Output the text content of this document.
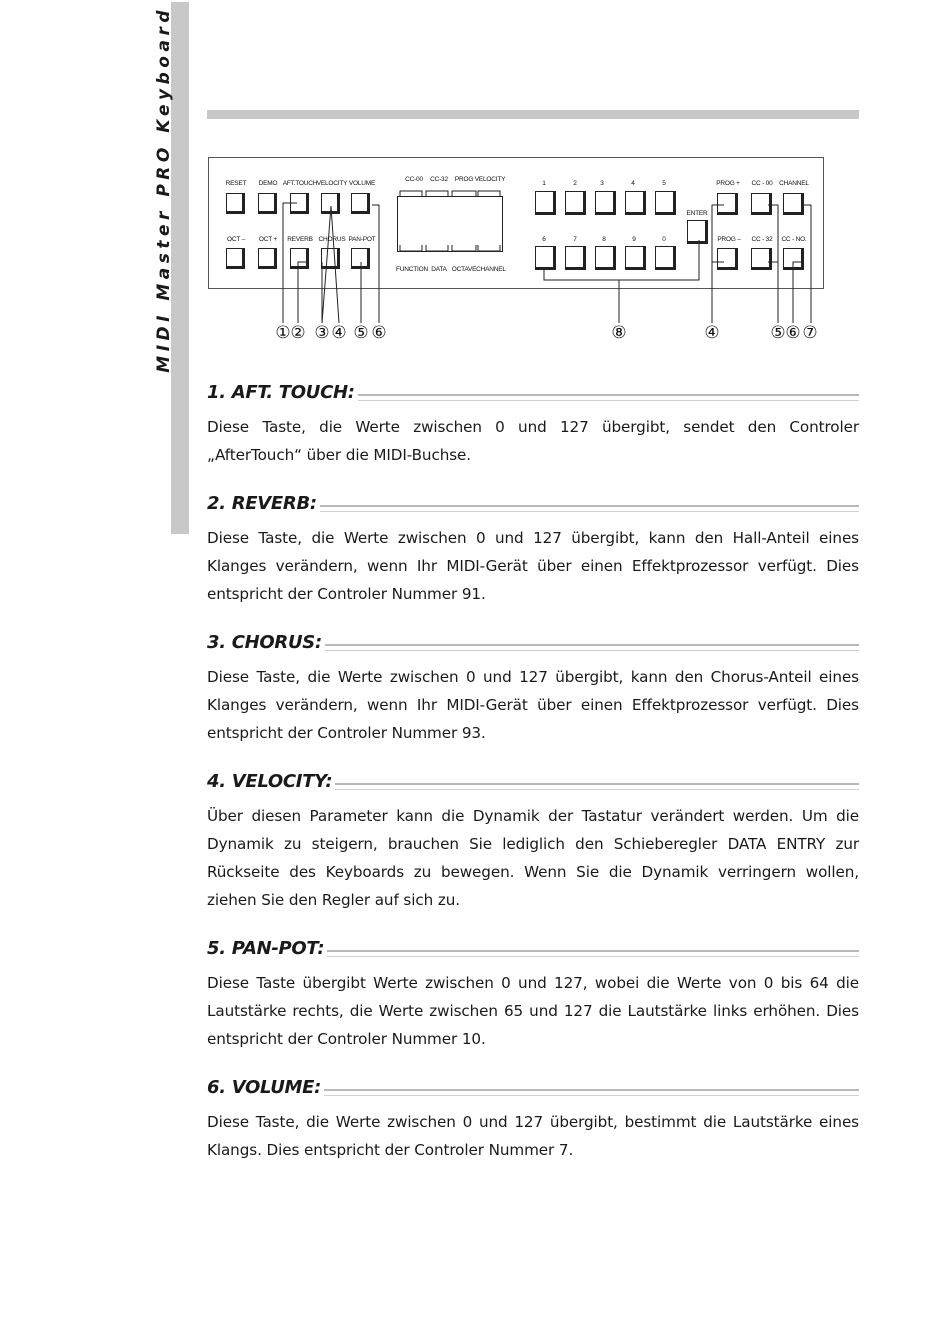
MIDI Master PRO Keyboard	RESET DEMO AFT.TOUCH VELOCITY VOLUME
OCT – OCT + REVERB CHORUS PAN-POT
CC-00 CC-32 PROG VELOCITY
FUNCTION DATA OCTAVE CHANNEL
1	2	3	4	5
6	7	8	9	0
ENTER
PROG + CC - 00 CHANNEL
PROG – CC - 32 CC - NO.
① ② ③ ④ ⑤ ⑥	⑧	④	⑤ ⑥ ⑦
1. AFT. TOUCH:

Diese Taste, die Werte zwischen 0 und 127 übergibt, sendet den Controler „AfterTouch“ über die MIDI-Buchse.

2. REVERB:

Diese Taste, die Werte zwischen 0 und 127 übergibt, kann den Hall-Anteil eines Klanges verändern, wenn Ihr MIDI-Gerät über einen Effektprozessor verfügt. Dies entspricht der Controler Nummer 91.

3. CHORUS:

Diese Taste, die Werte zwischen 0 und 127 übergibt, kann den Chorus-Anteil eines Klanges verändern, wenn Ihr MIDI-Gerät über einen Effektprozessor verfügt. Dies entspricht der Controler Nummer 93.

4. VELOCITY:

Über diesen Parameter kann die Dynamik der Tastatur verändert werden. Um die Dynamik zu steigern, brauchen Sie lediglich den Schieberegler DATA ENTRY zur Rückseite des Keyboards zu bewegen. Wenn Sie die Dynamik verringern wollen, ziehen Sie den Regler auf sich zu.

5. PAN-POT:

Diese Taste übergibt Werte zwischen 0 und 127, wobei die Werte von 0 bis 64 die Lautstärke rechts, die Werte zwischen 65 und 127 die Lautstärke links erhöhen. Dies entspricht der Controler Nummer 10.

6. VOLUME:

Diese Taste, die Werte zwischen 0 und 127 übergibt, bestimmt die Lautstärke eines Klangs. Dies entspricht der Controler Nummer 7.
